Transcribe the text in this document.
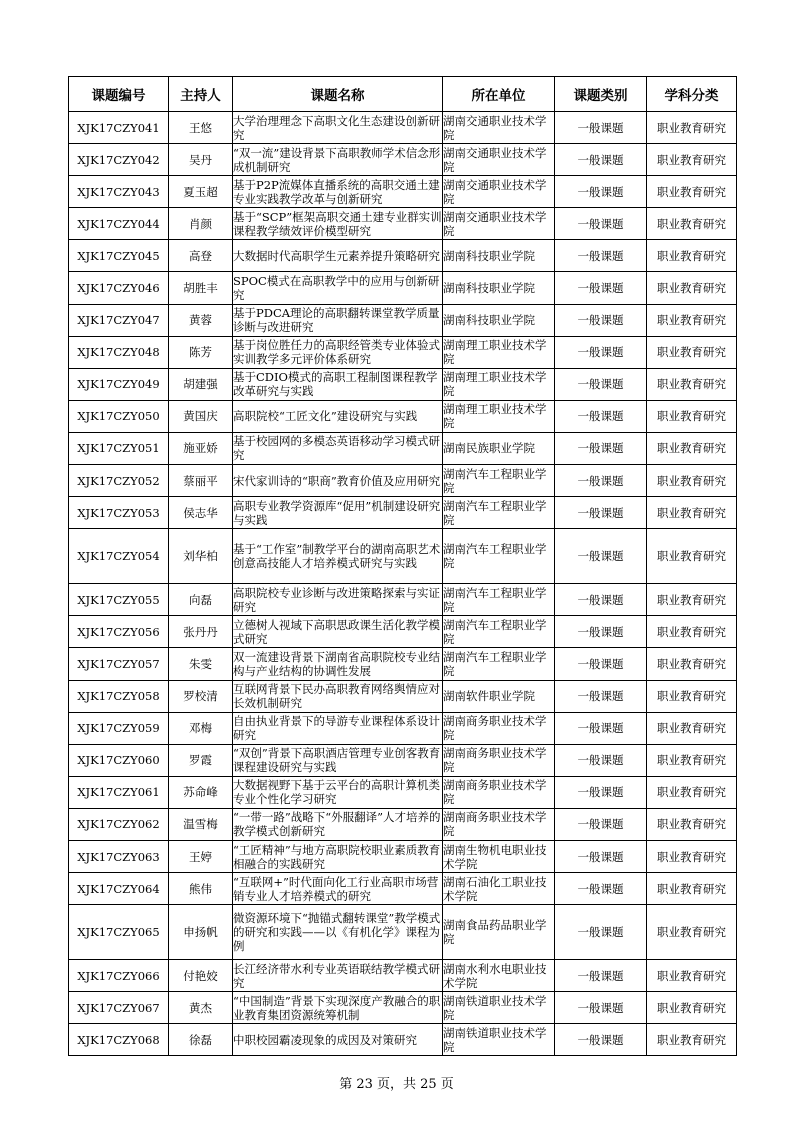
课题编号	主持人	课题名称	所在单位	课题类别	学科分类
XJK17CZY041	王悠	大学治理理念下高职文化生态建设创新研究	湖南交通职业技术学院	一般课题	职业教育研究
XJK17CZY042	吴丹	“双一流”建设背景下高职教师学术信念形成机制研究	湖南交通职业技术学院	一般课题	职业教育研究
XJK17CZY043	夏玉超	基于P2P流媒体直播系统的高职交通土建专业实践教学改革与创新研究	湖南交通职业技术学院	一般课题	职业教育研究
XJK17CZY044	肖颜	基于“SCP”框架高职交通土建专业群实训课程教学绩效评价模型研究	湖南交通职业技术学院	一般课题	职业教育研究
XJK17CZY045	高登	大数据时代高职学生元素养提升策略研究	湖南科技职业学院	一般课题	职业教育研究
XJK17CZY046	胡胜丰	SPOC模式在高职教学中的应用与创新研究	湖南科技职业学院	一般课题	职业教育研究
XJK17CZY047	黄蓉	基于PDCA理论的高职翻转课堂教学质量诊断与改进研究	湖南科技职业学院	一般课题	职业教育研究
XJK17CZY048	陈芳	基于岗位胜任力的高职经管类专业体验式实训教学多元评价体系研究	湖南理工职业技术学院	一般课题	职业教育研究
XJK17CZY049	胡建强	基于CDIO模式的高职工程制图课程教学改革研究与实践	湖南理工职业技术学院	一般课题	职业教育研究
XJK17CZY050	黄国庆	高职院校“工匠文化”建设研究与实践	湖南理工职业技术学院	一般课题	职业教育研究
XJK17CZY051	施亚娇	基于校园网的多模态英语移动学习模式研究	湖南民族职业学院	一般课题	职业教育研究
XJK17CZY052	蔡丽平	宋代家训诗的“职商”教育价值及应用研究	湖南汽车工程职业学院	一般课题	职业教育研究
XJK17CZY053	侯志华	高职专业教学资源库“促用”机制建设研究与实践	湖南汽车工程职业学院	一般课题	职业教育研究
XJK17CZY054	刘华柏	基于“工作室”制教学平台的湖南高职艺术创意高技能人才培养模式研究与实践	湖南汽车工程职业学院	一般课题	职业教育研究
XJK17CZY055	向磊	高职院校专业诊断与改进策略探索与实证研究	湖南汽车工程职业学院	一般课题	职业教育研究
XJK17CZY056	张丹丹	立德树人视域下高职思政课生活化教学模式研究	湖南汽车工程职业学院	一般课题	职业教育研究
XJK17CZY057	朱雯	双一流建设背景下湖南省高职院校专业结构与产业结构的协调性发展	湖南汽车工程职业学院	一般课题	职业教育研究
XJK17CZY058	罗校清	互联网背景下民办高职教育网络舆情应对长效机制研究	湖南软件职业学院	一般课题	职业教育研究
XJK17CZY059	邓梅	自由执业背景下的导游专业课程体系设计研究	湖南商务职业技术学院	一般课题	职业教育研究
XJK17CZY060	罗霞	“双创”背景下高职酒店管理专业创客教育课程建设研究与实践	湖南商务职业技术学院	一般课题	职业教育研究
XJK17CZY061	苏命峰	大数据视野下基于云平台的高职计算机类专业个性化学习研究	湖南商务职业技术学院	一般课题	职业教育研究
XJK17CZY062	温雪梅	“一带一路”战略下“外服翻译”人才培养的教学模式创新研究	湖南商务职业技术学院	一般课题	职业教育研究
XJK17CZY063	王婷	“工匠精神”与地方高职院校职业素质教育相融合的实践研究	湖南生物机电职业技术学院	一般课题	职业教育研究
XJK17CZY064	熊伟	“互联网+”时代面向化工行业高职市场营销专业人才培养模式的研究	湖南石油化工职业技术学院	一般课题	职业教育研究
XJK17CZY065	申扬帆	微资源环境下“抛锚式翻转课堂”教学模式的研究和实践——以《有机化学》课程为例	湖南食品药品职业学院	一般课题	职业教育研究
XJK17CZY066	付艳姣	长江经济带水利专业英语联结教学模式研究	湖南水利水电职业技术学院	一般课题	职业教育研究
XJK17CZY067	黄杰	“中国制造”背景下实现深度产教融合的职业教育集团资源统筹机制	湖南铁道职业技术学院	一般课题	职业教育研究
XJK17CZY068	徐磊	中职校园霸凌现象的成因及对策研究	湖南铁道职业技术学院	一般课题	职业教育研究
第 23 页，共 25 页
